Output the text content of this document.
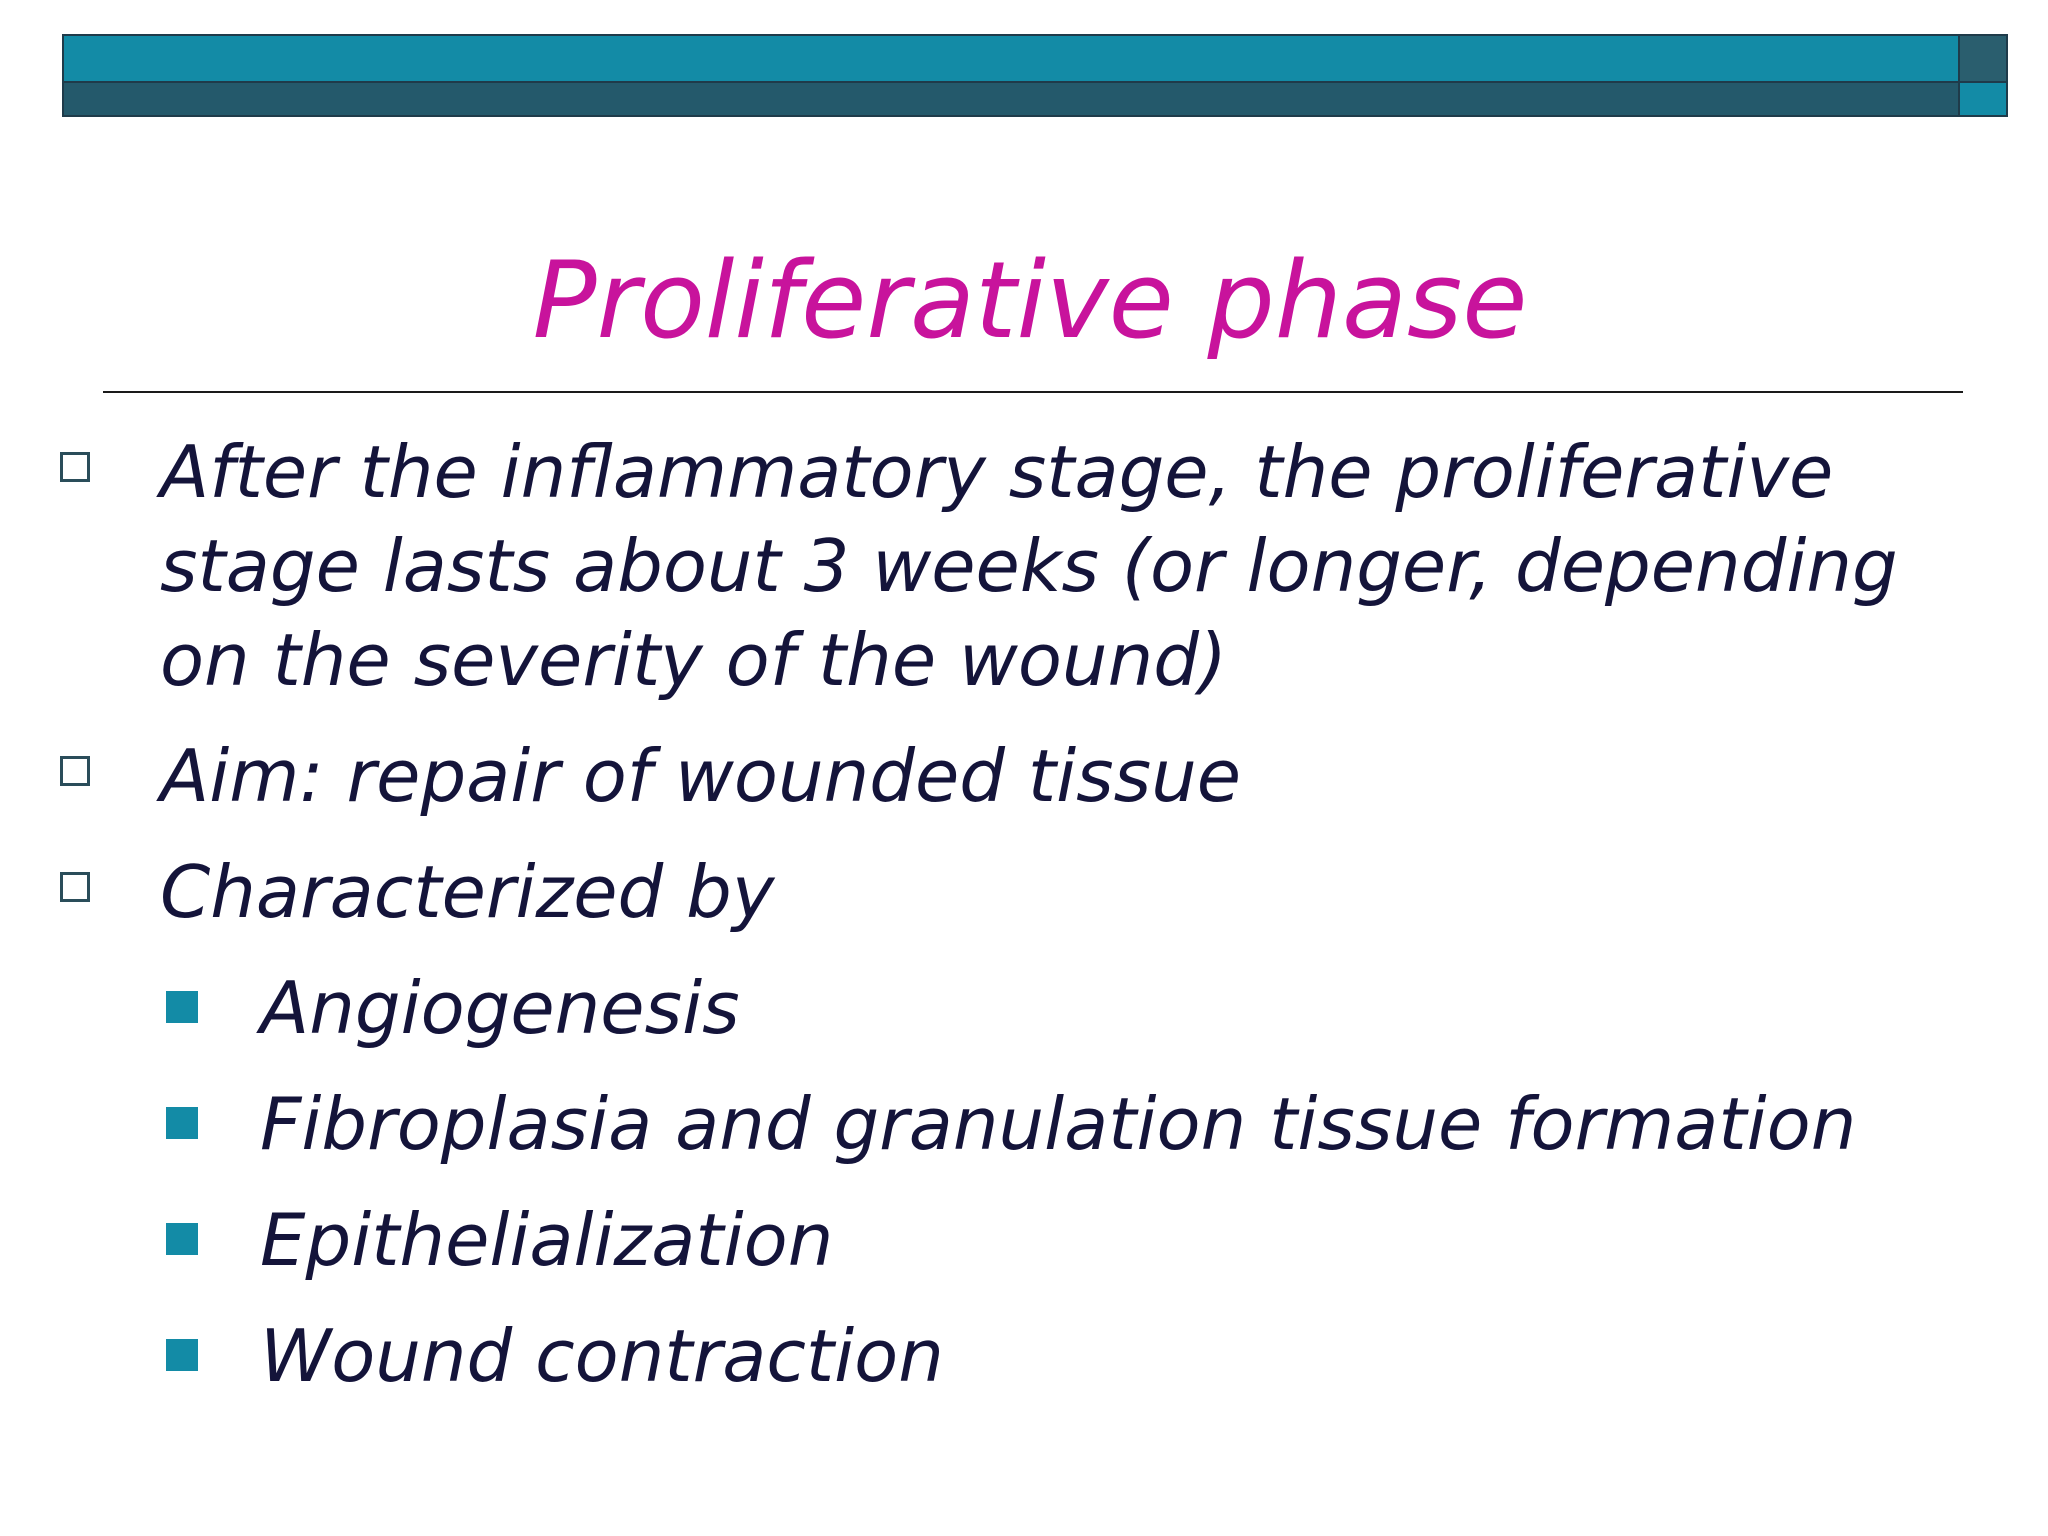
Proliferative phase
After the inflammatory stage, the proliferative stage lasts about 3 weeks (or longer, depending on the severity of the wound)
Aim: repair of wounded tissue
Characterized by
Angiogenesis
Fibroplasia and granulation tissue formation
Epithelialization
Wound contraction
